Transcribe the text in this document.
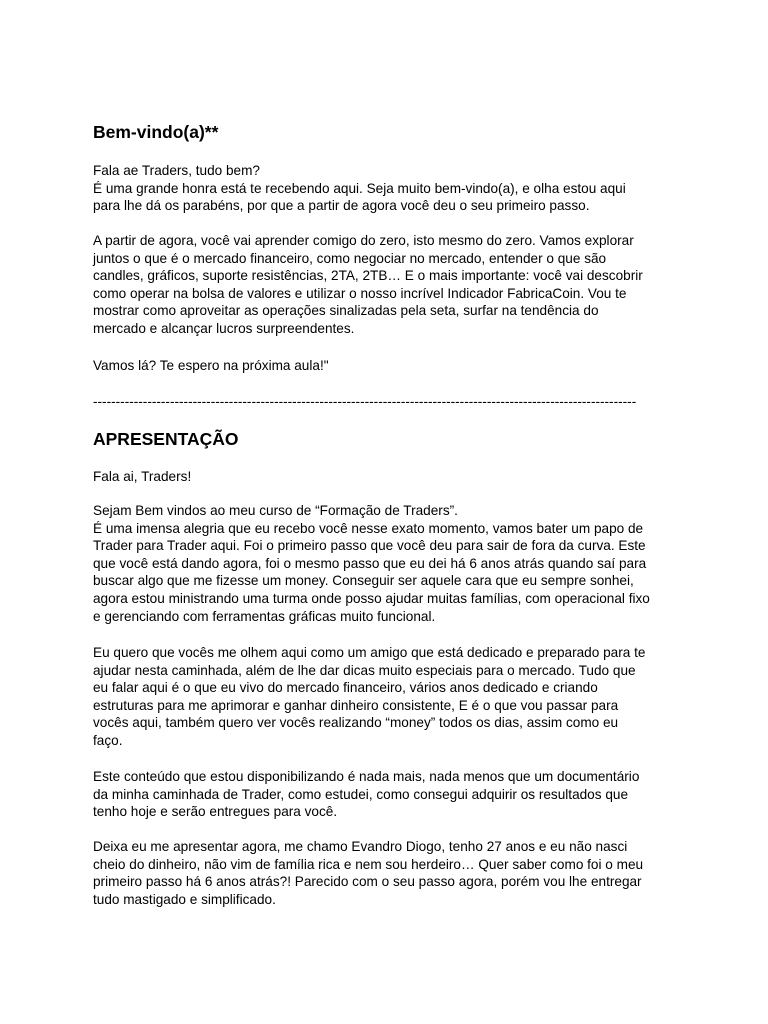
Bem-vindo(a)**

Fala ae Traders, tudo bem?
É uma grande honra está te recebendo aqui. Seja muito bem-vindo(a), e olha estou aqui
para lhe dá os parabéns, por que a partir de agora você deu o seu primeiro passo.

A partir de agora, você vai aprender comigo do zero, isto mesmo do zero. Vamos explorar
juntos o que é o mercado financeiro, como negociar no mercado, entender o que são
candles, gráficos, suporte resistências, 2TA, 2TB… E o mais importante: você vai descobrir
como operar na bolsa de valores e utilizar o nosso incrível Indicador FabricaCoin. Vou te
mostrar como aproveitar as operações sinalizadas pela seta, surfar na tendência do
mercado e alcançar lucros surpreendentes.

Vamos lá? Te espero na próxima aula!"

------------------------------------------------------------------------------------------------------------------------

APRESENTAÇÃO

Fala ai, Traders!

Sejam Bem vindos ao meu curso de “Formação de Traders”.
É uma imensa alegria que eu recebo você nesse exato momento, vamos bater um papo de
Trader para Trader aqui. Foi o primeiro passo que você deu para sair de fora da curva. Este
que você está dando agora, foi o mesmo passo que eu dei há 6 anos atrás quando saí para
buscar algo que me fizesse um money. Conseguir ser aquele cara que eu sempre sonhei,
agora estou ministrando uma turma onde posso ajudar muitas famílias, com operacional fixo
e gerenciando com ferramentas gráficas muito funcional.

Eu quero que vocês me olhem aqui como um amigo que está dedicado e preparado para te
ajudar nesta caminhada, além de lhe dar dicas muito especiais para o mercado. Tudo que
eu falar aqui é o que eu vivo do mercado financeiro, vários anos dedicado e criando
estruturas para me aprimorar e ganhar dinheiro consistente, E é o que vou passar para
vocês aqui, também quero ver vocês realizando “money” todos os dias, assim como eu
faço.

Este conteúdo que estou disponibilizando é nada mais, nada menos que um documentário
da minha caminhada de Trader, como estudei, como consegui adquirir os resultados que
tenho hoje e serão entregues para você.

Deixa eu me apresentar agora, me chamo Evandro Diogo, tenho 27 anos e eu não nasci
cheio do dinheiro, não vim de família rica e nem sou herdeiro… Quer saber como foi o meu
primeiro passo há 6 anos atrás?! Parecido com o seu passo agora, porém vou lhe entregar
tudo mastigado e simplificado.
